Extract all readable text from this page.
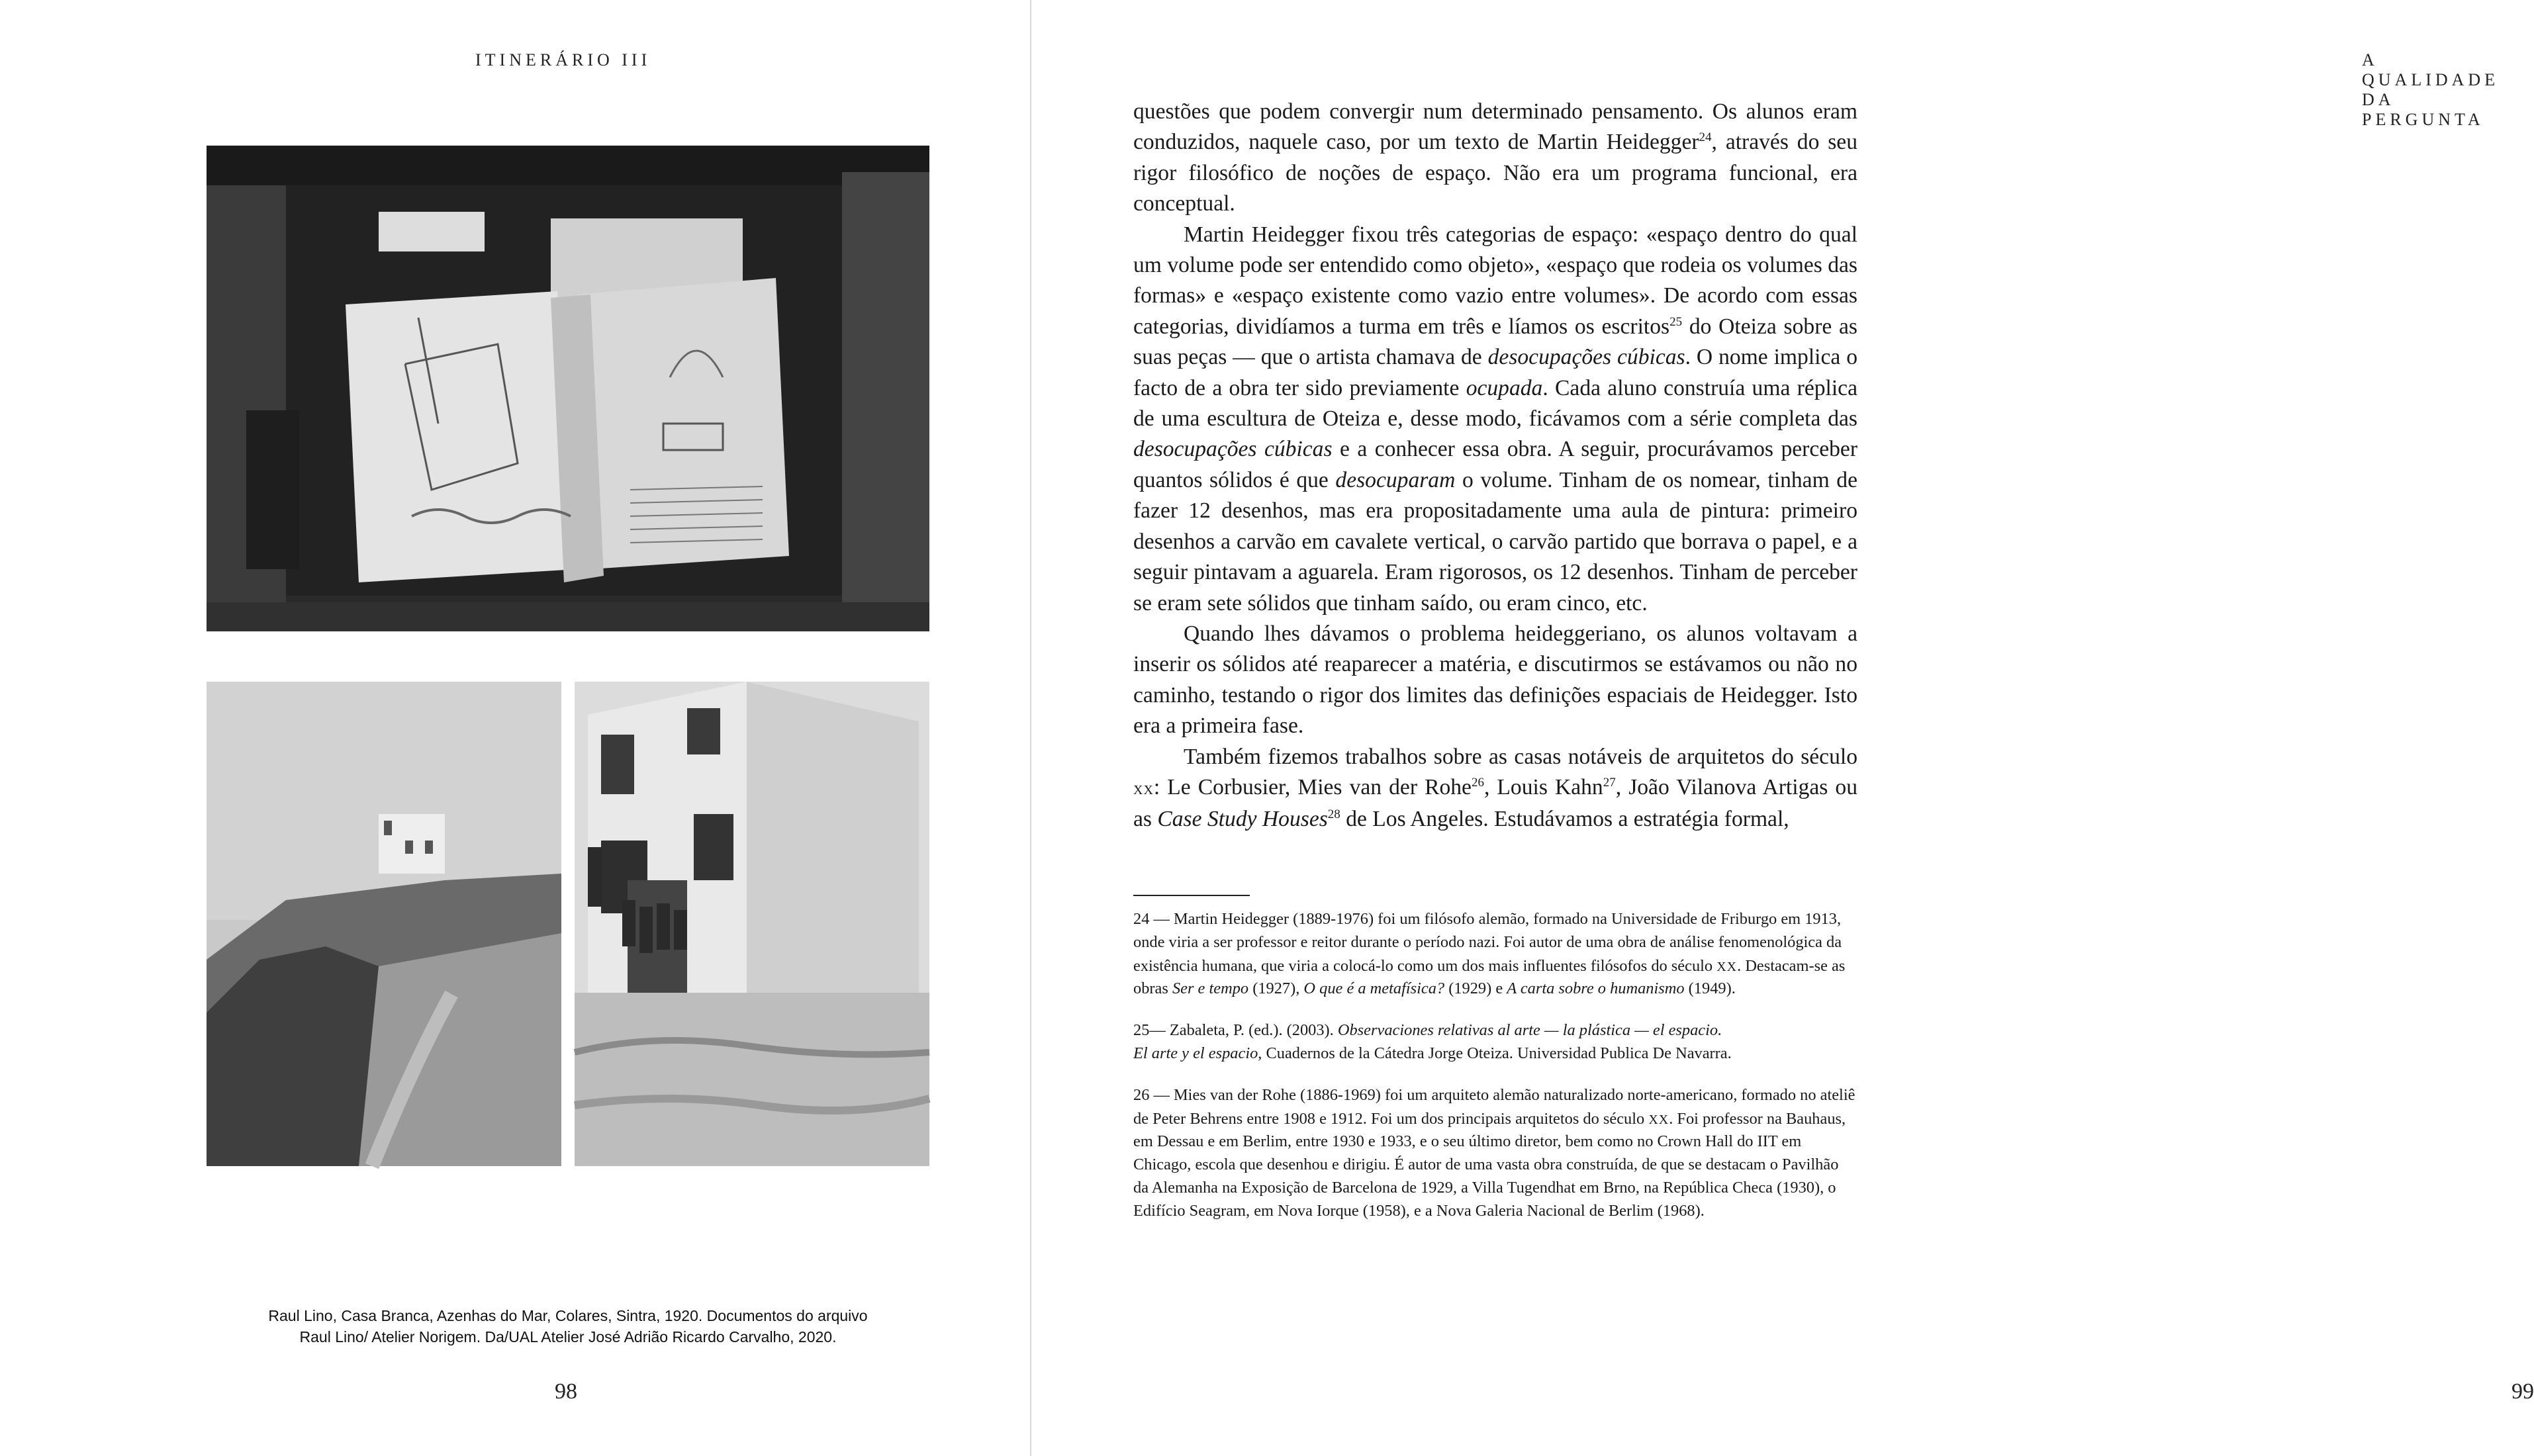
ITINERÁRIO III

Raul Lino, Casa Branca, Azenhas do Mar, Colares, Sintra, 1920. Documentos do arquivo
Raul Lino/ Atelier Norigem. Da/UAL Atelier José Adrião Ricardo Carvalho, 2020.

98

A QUALIDADE DA PERGUNTA

99

questões que podem convergir num determinado pensamento. Os alunos eram conduzidos, naquele caso, por um texto de Martin Heidegger$^{24}$, através do seu rigor filosófico de noções de espaço. Não era um programa funcional, era conceptual.

Martin Heidegger fixou três categorias de espaço: «espaço dentro do qual um volume pode ser entendido como objeto», «espaço que rodeia os volumes das formas» e «espaço existente como vazio entre volumes». De acordo com essas categorias, dividíamos a turma em três e líamos os escritos$^{25}$ do Oteiza sobre as suas peças — que o artista chamava de desocupações cúbicas. O nome implica o facto de a obra ter sido previamente ocupada. Cada aluno construía uma réplica de uma escultura de Oteiza e, desse modo, ficávamos com a série completa das desocupações cúbicas e a conhecer essa obra. A seguir, procurávamos perceber quantos sólidos é que desocuparam o volume. Tinham de os nomear, tinham de fazer 12 desenhos, mas era propositadamente uma aula de pintura: primeiro desenhos a carvão em cavalete vertical, o carvão partido que borrava o papel, e a seguir pintavam a aguarela. Eram rigorosos, os 12 desenhos. Tinham de perceber se eram sete sólidos que tinham saído, ou eram cinco, etc.

Quando lhes dávamos o problema heideggeriano, os alunos voltavam a inserir os sólidos até reaparecer a matéria, e discutirmos se estávamos ou não no caminho, testando o rigor dos limites das definições espaciais de Heidegger. Isto era a primeira fase.

Também fizemos trabalhos sobre as casas notáveis de arquitetos do século xx: Le Corbusier, Mies van der Rohe$^{26}$, Louis Kahn$^{27}$, João Vilanova Artigas ou as Case Study Houses$^{28}$ de Los Angeles. Estudávamos a estratégia formal,

24 — Martin Heidegger (1889-1976) foi um filósofo alemão, formado na Universidade de Friburgo em 1913, onde viria a ser professor e reitor durante o período nazi. Foi autor de uma obra de análise fenomenológica da existência humana, que viria a colocá-lo como um dos mais influentes filósofos do século xx. Destacam-se as obras Ser e tempo (1927), O que é a metafísica? (1929) e A carta sobre o humanismo (1949).

25— Zabaleta, P. (ed.). (2003). Observaciones relativas al arte — la plástica — el espacio.
El arte y el espacio, Cuadernos de la Cátedra Jorge Oteiza. Universidad Publica De Navarra.

26 — Mies van der Rohe (1886-1969) foi um arquiteto alemão naturalizado norte-americano, formado no ateliê de Peter Behrens entre 1908 e 1912. Foi um dos principais arquitetos do século xx. Foi professor na Bauhaus, em Dessau e em Berlim, entre 1930 e 1933, e o seu último diretor, bem como no Crown Hall do IIT em Chicago, escola que desenhou e dirigiu. É autor de uma vasta obra construída, de que se destacam o Pavilhão da Alemanha na Exposição de Barcelona de 1929, a Villa Tugendhat em Brno, na República Checa (1930), o Edifício Seagram, em Nova Iorque (1958), e a Nova Galeria Nacional de Berlim (1968).
